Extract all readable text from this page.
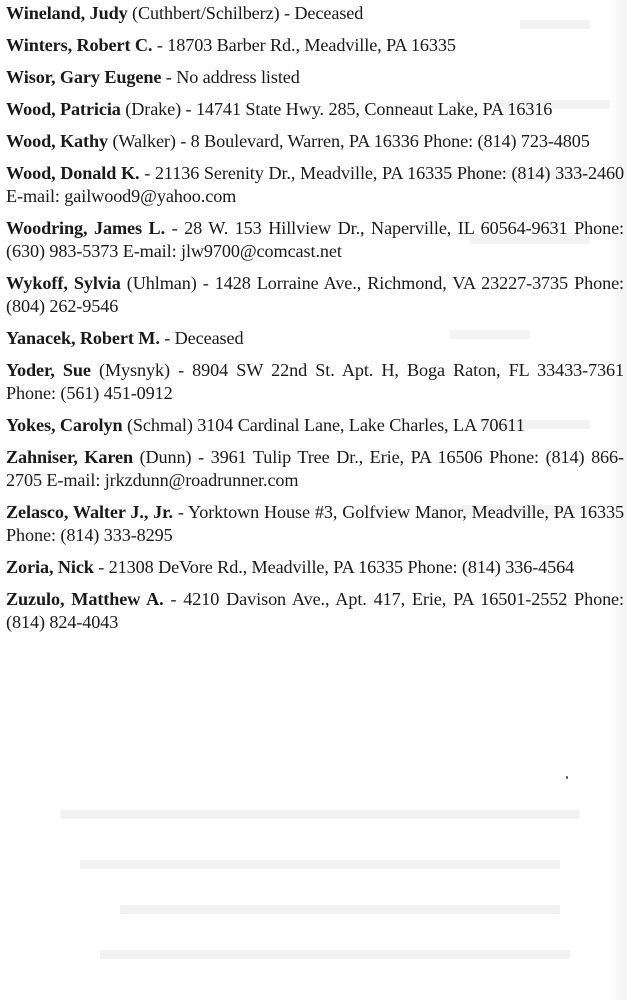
Wineland, Judy (Cuthbert/Schilberz) - Deceased

Winters, Robert C. - 18703 Barber Rd., Meadville, PA 16335

Wisor, Gary Eugene - No address listed

Wood, Patricia (Drake) - 14741 State Hwy. 285, Conneaut Lake, PA 16316

Wood, Kathy (Walker) - 8 Boulevard, Warren, PA 16336 Phone: (814) 723-4805

Wood, Donald K. - 21136 Serenity Dr., Meadville, PA 16335 Phone: (814) 333-2460 E-mail: gailwood9@yahoo.com

Woodring, James L. - 28 W. 153 Hillview Dr., Naperville, IL 60564-9631 Phone: (630) 983-5373 E-mail: jlw9700@comcast.net

Wykoff, Sylvia (Uhlman) - 1428 Lorraine Ave., Richmond, VA 23227-3735 Phone: (804) 262-9546

Yanacek, Robert M. - Deceased

Yoder, Sue (Mysnyk) - 8904 SW 22nd St. Apt. H, Boga Raton, FL 33433-7361 Phone: (561) 451-0912

Yokes, Carolyn (Schmal) 3104 Cardinal Lane, Lake Charles, LA 70611

Zahniser, Karen (Dunn) - 3961 Tulip Tree Dr., Erie, PA 16506 Phone: (814) 866-2705 E-mail: jrkzdunn@roadrunner.com

Zelasco, Walter J., Jr. - Yorktown House #3, Golfview Manor, Meadville, PA 16335 Phone: (814) 333-8295

Zoria, Nick - 21308 DeVore Rd., Meadville, PA 16335 Phone: (814) 336-4564

Zuzulo, Matthew A. - 4210 Davison Ave., Apt. 417, Erie, PA 16501-2552 Phone: (814) 824-4043
